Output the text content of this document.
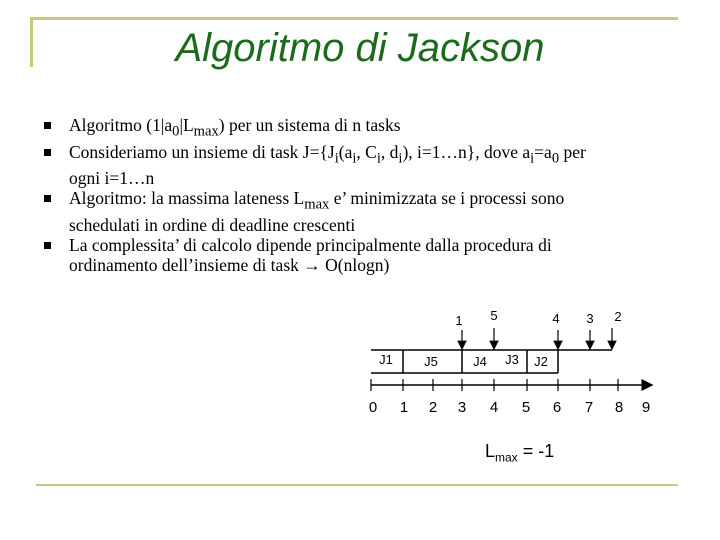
Algoritmo di Jackson
Algoritmo $(1|a_0|L_{max})$ per un sistema di n tasks
Consideriamo un insieme di task $J=\{J_i(a_i$, $C_i$, $d_i$), i=1…n}, dove $a_i=a_0$ per
ogni i=1…n
Algoritmo: la massima lateness $L_{max}$ e’ minimizzata se i processi sono
schedulati in ordine di deadline crescenti
La complessita’ di calcolo dipende principalmente dalla procedura di
ordinamento dell’insieme di task → O(nlogn)
1 5	4 3 2
J1 J5	J4 J3 J2
0 1 2 3 4 5 6 7 8 9
$L_{max} = -1$
